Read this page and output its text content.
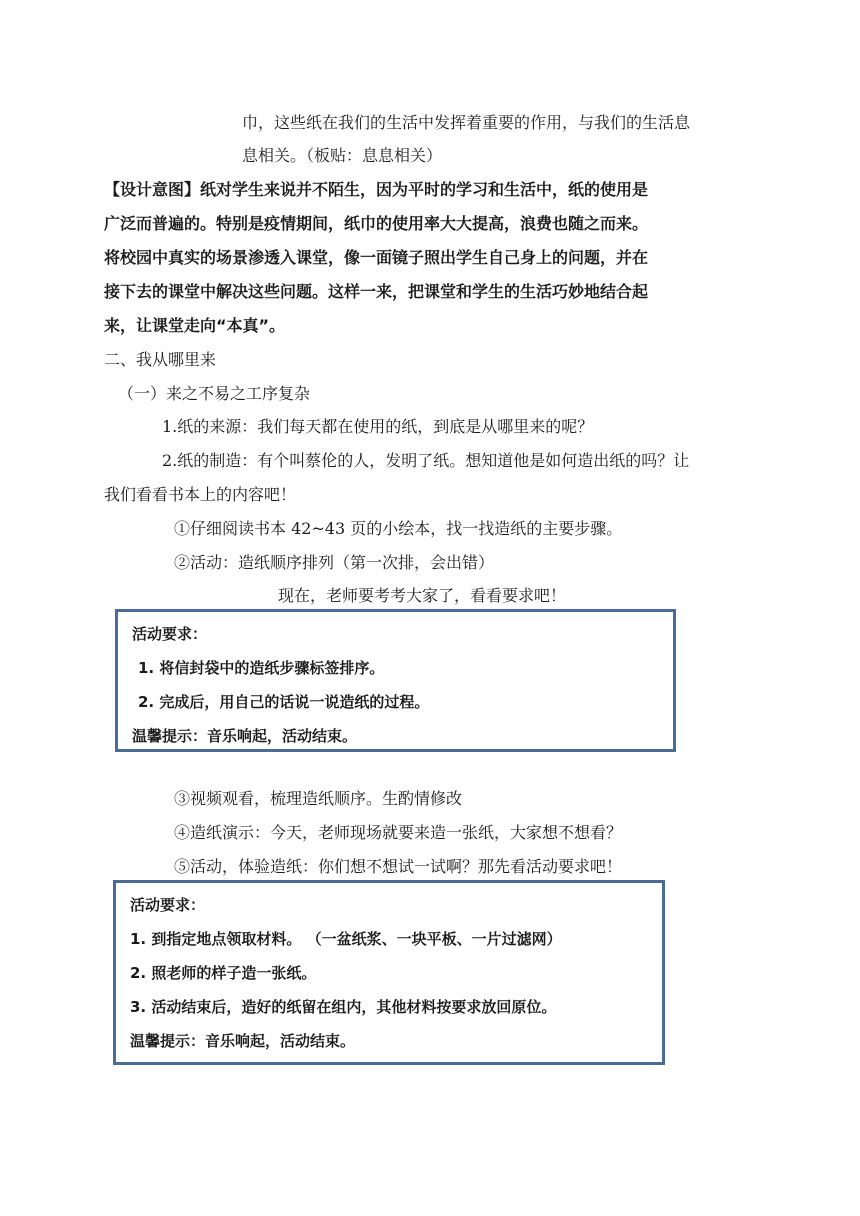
巾，这些纸在我们的生活中发挥着重要的作用，与我们的生活息
息相关。（板贴：息息相关）
【设计意图】纸对学生来说并不陌生，因为平时的学习和生活中，纸的使用是
广泛而普遍的。特别是疫情期间，纸巾的使用率大大提高，浪费也随之而来。
将校园中真实的场景渗透入课堂，像一面镜子照出学生自己身上的问题，并在
接下去的课堂中解决这些问题。这样一来，把课堂和学生的生活巧妙地结合起
来，让课堂走向“本真”。
二、我从哪里来
（一）来之不易之工序复杂
1.纸的来源：我们每天都在使用的纸，到底是从哪里来的呢？
2.纸的制造：有个叫蔡伦的人，发明了纸。想知道他是如何造出纸的吗？让
我们看看书本上的内容吧！
①仔细阅读书本 42~43 页的小绘本，找一找造纸的主要步骤。
②活动：造纸顺序排列（第一次排，会出错）
现在，老师要考考大家了，看看要求吧！
活动要求：
1. 将信封袋中的造纸步骤标签排序。
2. 完成后，用自己的话说一说造纸的过程。
温馨提示：音乐响起，活动结束。
③视频观看，梳理造纸顺序。生酌情修改
④造纸演示：今天，老师现场就要来造一张纸，大家想不想看？
⑤活动，体验造纸：你们想不想试一试啊？那先看活动要求吧！
活动要求：
1. 到指定地点领取材料。 （一盆纸浆、一块平板、一片过滤网）
2. 照老师的样子造一张纸。
3. 活动结束后，造好的纸留在组内，其他材料按要求放回原位。
温馨提示：音乐响起，活动结束。
